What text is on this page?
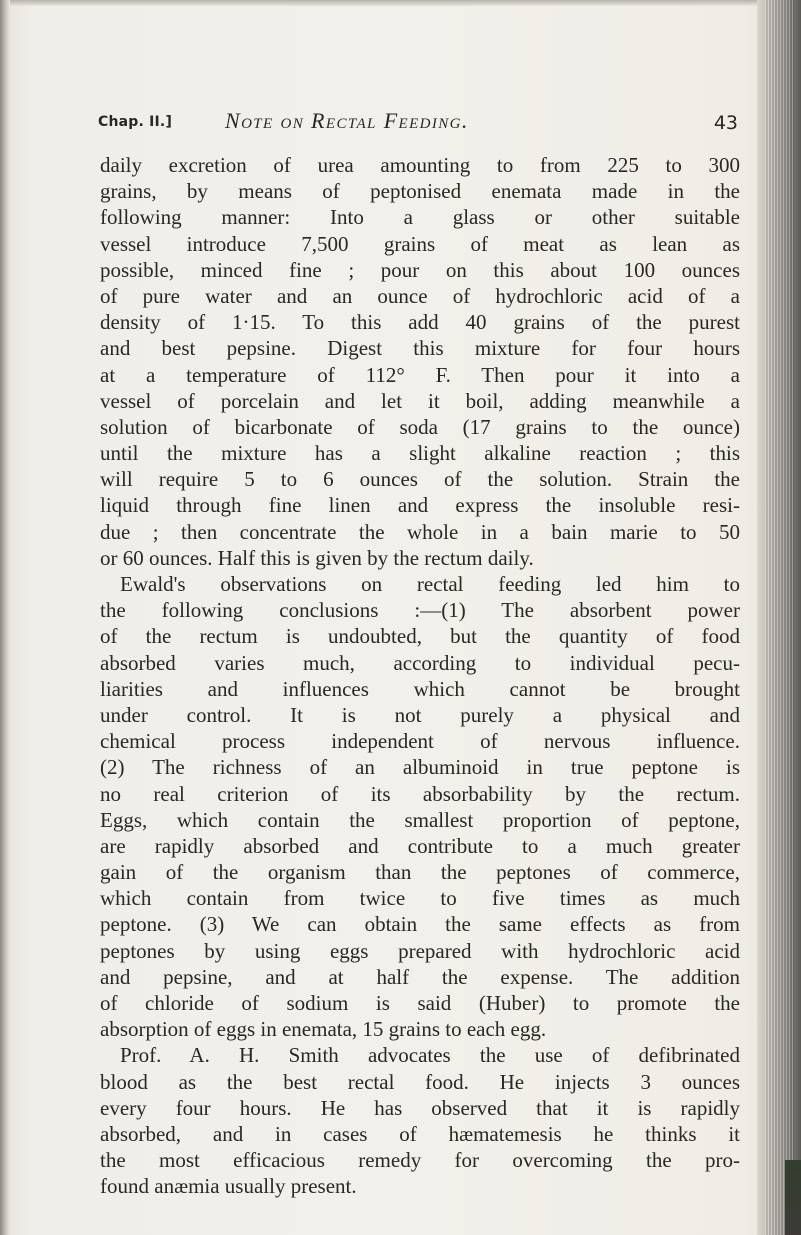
Chap. II.] Note on Rectal Feeding.	43
daily excretion of urea amounting to from 225 to 300
grains, by means of peptonised enemata made in the
following manner: Into a glass or other suitable
vessel introduce 7,500 grains of meat as lean as
possible, minced fine ; pour on this about 100 ounces
of pure water and an ounce of hydrochloric acid of a
density of 1·15. To this add 40 grains of the purest
and best pepsine. Digest this mixture for four hours
at a temperature of 112° F. Then pour it into a
vessel of porcelain and let it boil, adding meanwhile a
solution of bicarbonate of soda (17 grains to the ounce)
until the mixture has a slight alkaline reaction ; this
will require 5 to 6 ounces of the solution. Strain the
liquid through fine linen and express the insoluble resi-
due ; then concentrate the whole in a bain marie to 50
or 60 ounces. Half this is given by the rectum daily.
Ewald's observations on rectal feeding led him to
the following conclusions :—(1) The absorbent power
of the rectum is undoubted, but the quantity of food
absorbed varies much, according to individual pecu-
liarities and influences which cannot be brought
under control. It is not purely a physical and
chemical process independent of nervous influence.
(2) The richness of an albuminoid in true peptone is
no real criterion of its absorbability by the rectum.
Eggs, which contain the smallest proportion of peptone,
are rapidly absorbed and contribute to a much greater
gain of the organism than the peptones of commerce,
which contain from twice to five times as much
peptone. (3) We can obtain the same effects as from
peptones by using eggs prepared with hydrochloric acid
and pepsine, and at half the expense. The addition
of chloride of sodium is said (Huber) to promote the
absorption of eggs in enemata, 15 grains to each egg.
Prof. A. H. Smith advocates the use of defibrinated
blood as the best rectal food. He injects 3 ounces
every four hours. He has observed that it is rapidly
absorbed, and in cases of hæmatemesis he thinks it
the most efficacious remedy for overcoming the pro-
found anæmia usually present.
